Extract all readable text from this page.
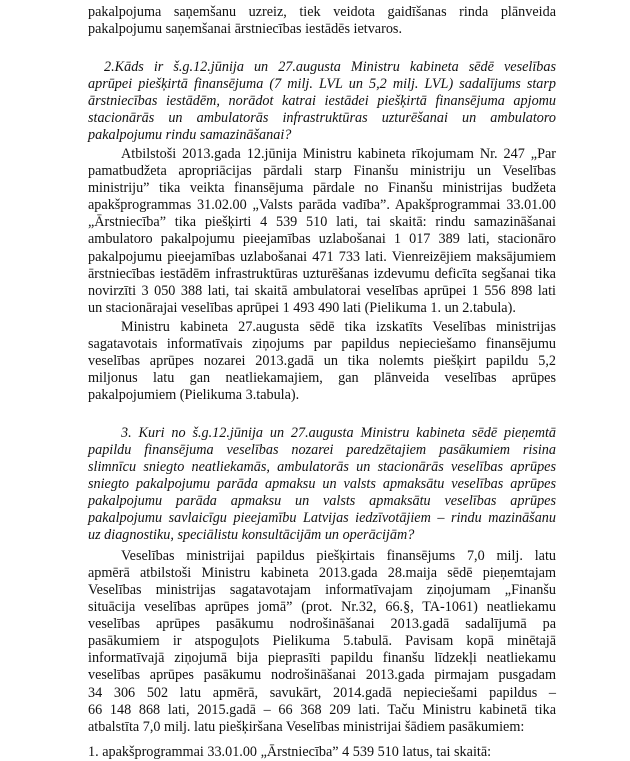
pakalpojuma saņemšanu uzreiz, tiek veidota gaidīšanas rinda plānveida
pakalpojumu saņemšanai ārstniecības iestādēs ietvaros.
2.Kāds ir š.g.12.jūnija un 27.augusta Ministru kabineta sēdē veselības
aprūpei piešķirtā finansējuma (7 milj. LVL un 5,2 milj. LVL) sadalījums starp
ārstniecības iestādēm, norādot katrai iestādei piešķirtā finansējuma apjomu
stacionārās un ambulatorās infrastruktūras uzturēšanai un ambulatoro
pakalpojumu rindu samazināšanai?
Atbilstoši 2013.gada 12.jūnija Ministru kabineta rīkojumam Nr. 247 „Par
pamatbudžeta apropriācijas pārdali starp Finanšu ministriju un Veselības
ministriju” tika veikta finansējuma pārdale no Finanšu ministrijas budžeta
apakšprogrammas 31.02.00 „Valsts parāda vadība”. Apakšprogrammai 33.01.00
„Ārstniecība” tika piešķirti 4 539 510 lati, tai skaitā: rindu samazināšanai
ambulatoro pakalpojumu pieejamības uzlabošanai 1 017 389 lati, stacionāro
pakalpojumu pieejamības uzlabošanai 471 733 lati. Vienreizējiem maksājumiem
ārstniecības iestādēm infrastruktūras uzturēšanas izdevumu deficīta segšanai tika
novirzīti 3 050 388 lati, tai skaitā ambulatorai veselības aprūpei 1 556 898 lati
un stacionārajai veselības aprūpei 1 493 490 lati (Pielikuma 1. un 2.tabula).
Ministru kabineta 27.augusta sēdē tika izskatīts Veselības ministrijas
sagatavotais informatīvais ziņojums par papildus nepieciešamo finansējumu
veselības aprūpes nozarei 2013.gadā un tika nolemts piešķirt papildu 5,2
miljonus latu gan neatliekamajiem, gan plānveida veselības aprūpes
pakalpojumiem (Pielikuma 3.tabula).
3. Kuri no š.g.12.jūnija un 27.augusta Ministru kabineta sēdē pieņemtā
papildu finansējuma veselības nozarei paredzētajiem pasākumiem risina
slimnīcu sniegto neatliekamās, ambulatorās un stacionārās veselības aprūpes
sniegto pakalpojumu parāda apmaksu un valsts apmaksātu veselības aprūpes
pakalpojumu parāda apmaksu un valsts apmaksātu veselības aprūpes
pakalpojumu savlaicīgu pieejamību Latvijas iedzīvotājiem – rindu mazināšanu
uz diagnostiku, speciālistu konsultācijām un operācijām?
Veselības ministrijai papildus piešķirtais finansējums 7,0 milj. latu
apmērā atbilstoši Ministru kabineta 2013.gada 28.maija sēdē pieņemtajam
Veselības ministrijas sagatavotajam informatīvajam ziņojumam „Finanšu
situācija veselības aprūpes jomā” (prot. Nr.32, 66.§, TA-1061) neatliekamu
veselības aprūpes pasākumu nodrošināšanai 2013.gadā sadalījumā pa
pasākumiem ir atspoguļots Pielikuma 5.tabulā. Pavisam kopā minētajā
informatīvajā ziņojumā bija pieprasīti papildu finanšu līdzekļi neatliekamu
veselības aprūpes pasākumu nodrošināšanai 2013.gada pirmajam pusgadam
34 306 502 latu apmērā, savukārt, 2014.gadā nepieciešami papildus –
66 148 868 lati, 2015.gadā – 66 368 209 lati. Taču Ministru kabinetā tika
atbalstīta 7,0 milj. latu piešķiršana Veselības ministrijai šādiem pasākumiem:
1. apakšprogrammai 33.01.00 „Ārstniecība” 4 539 510 latus, tai skaitā:
